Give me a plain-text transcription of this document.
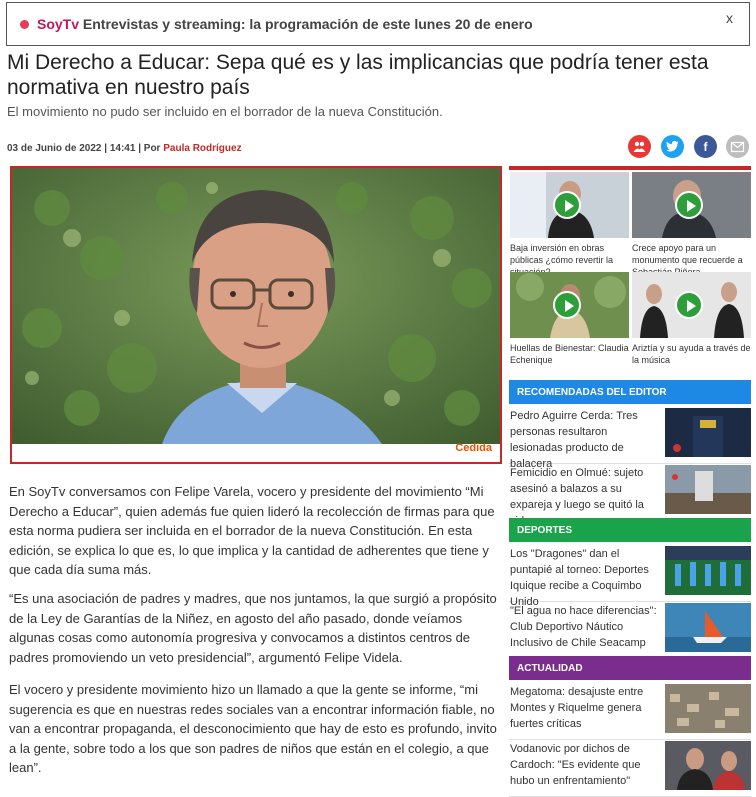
SoyTv Entrevistas y streaming: la programación de este lunes 20 de enero	x
Mi Derecho a Educar: Sepa qué es y las implicancias que podría tener esta normativa en nuestro país
El movimiento no pudo ser incluido en el borrador de la nueva Constitución.
03 de Junio de 2022 | 14:41 | Por Paula Rodríguez	f
Cedida

En SoyTv conversamos con Felipe Varela, vocero y presidente del movimiento “Mi Derecho a Educar”, quien además fue quien lideró la recolección de firmas para que esta norma pudiera ser incluida en el borrador de la nueva Constitución. En esta edición, se explica lo que es, lo que implica y la cantidad de adherentes que tiene y que cada día suma más.

“Es una asociación de padres y madres, que nos juntamos, la que surgió a propósito de la Ley de Garantías de la Niñez, en agosto del año pasado, donde veíamos algunas cosas como autonomía progresiva y convocamos a distintos centros de padres promoviendo un veto presidencial”, argumentó Felipe Videla.

El vocero y presidente movimiento hizo un llamado a que la gente se informe, “mi sugerencia es que en nuestras redes sociales van a encontrar información fiable, no van a encontrar propaganda, el desconocimiento que hay de esto es profundo, invito a la gente, sobre todo a los que son padres de niños que están en el colegio, a que lean”.

Baja inversión en obras públicas ¿cómo revertir la
Crece apoyo para un monumento que recuerde a
Huellas de Bienestar: Claudia Echenique
Ariztía y su ayuda a través de la música
RECOMENDADAS DEL EDITOR
Pedro Aguirre Cerda: Tres personas resultaron lesionadas producto de balacera
Femicidio en Olmué: sujeto asesinó a balazos a su expareja y luego se quitó la
DEPORTES
Los "Dragones" dan el puntapié al torneo: Deportes Iquique recibe a Coquimbo Unido
"El agua no hace diferencias": Club Deportivo Náutico Inclusivo de Chile Seacamp
ACTUALIDAD
Megatoma: desajuste entre Montes y Riquelme genera fuertes críticas
Vodanovic por dichos de Cardoch: "Es evidente que hubo un enfrentamiento"
